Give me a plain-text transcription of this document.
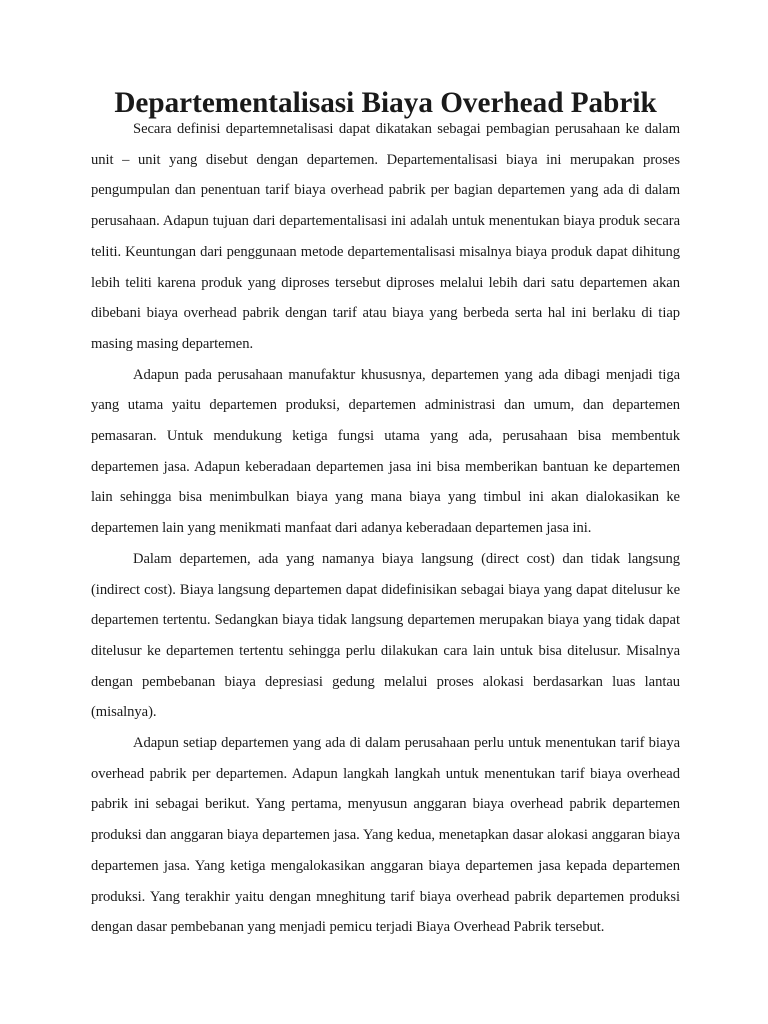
Departementalisasi Biaya Overhead Pabrik

Secara definisi departemnetalisasi dapat dikatakan sebagai pembagian perusahaan ke dalam unit – unit yang disebut dengan departemen. Departementalisasi biaya ini merupakan proses pengumpulan dan penentuan tarif biaya overhead pabrik per bagian departemen yang ada di dalam perusahaan. Adapun tujuan dari departementalisasi ini adalah untuk menentukan biaya produk secara teliti. Keuntungan dari penggunaan metode departementalisasi misalnya biaya produk dapat dihitung lebih teliti karena produk yang diproses tersebut diproses melalui lebih dari satu departemen akan dibebani biaya overhead pabrik dengan tarif atau biaya yang berbeda serta hal ini berlaku di tiap masing masing departemen.

Adapun pada perusahaan manufaktur khususnya, departemen yang ada dibagi menjadi tiga yang utama yaitu departemen produksi, departemen administrasi dan umum, dan departemen pemasaran. Untuk mendukung ketiga fungsi utama yang ada, perusahaan bisa membentuk departemen jasa. Adapun keberadaan departemen jasa ini bisa memberikan bantuan ke departemen lain sehingga bisa menimbulkan biaya yang mana biaya yang timbul ini akan dialokasikan ke departemen lain yang menikmati manfaat dari adanya keberadaan departemen jasa ini.

Dalam departemen, ada yang namanya biaya langsung (direct cost) dan tidak langsung (indirect cost). Biaya langsung departemen dapat didefinisikan sebagai biaya yang dapat ditelusur ke departemen tertentu. Sedangkan biaya tidak langsung departemen merupakan biaya yang tidak dapat ditelusur ke departemen tertentu sehingga perlu dilakukan cara lain untuk bisa ditelusur. Misalnya dengan pembebanan biaya depresiasi gedung melalui proses alokasi berdasarkan luas lantau (misalnya).

Adapun setiap departemen yang ada di dalam perusahaan perlu untuk menentukan tarif biaya overhead pabrik per departemen. Adapun langkah langkah untuk menentukan tarif biaya overhead pabrik ini sebagai berikut. Yang pertama, menyusun anggaran biaya overhead pabrik departemen produksi dan anggaran biaya departemen jasa. Yang kedua, menetapkan dasar alokasi anggaran biaya departemen jasa. Yang ketiga mengalokasikan anggaran biaya departemen jasa kepada departemen produksi. Yang terakhir yaitu dengan mneghitung tarif biaya overhead pabrik departemen produksi dengan dasar pembebanan yang menjadi pemicu terjadi Biaya Overhead Pabrik tersebut.
